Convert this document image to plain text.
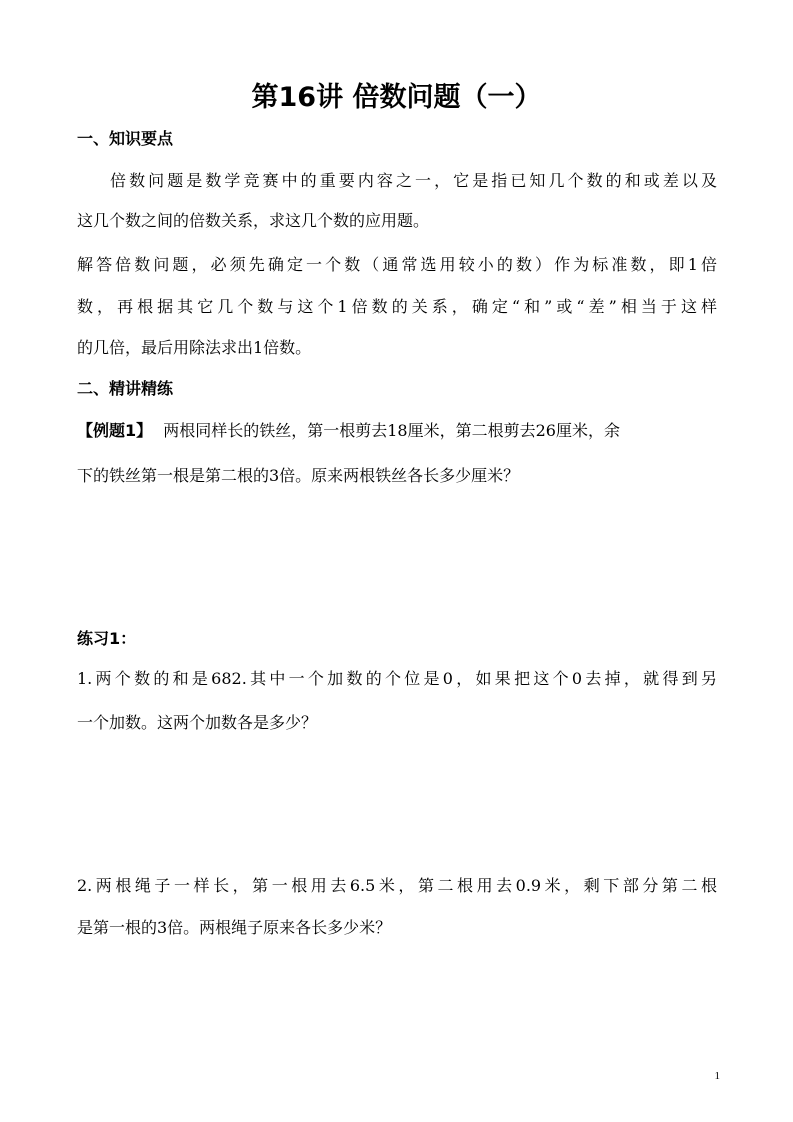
第16讲 倍数问题（一）
一、知识要点
倍数问题是数学竞赛中的重要内容之一，它是指已知几个数的和或差以及
这几个数之间的倍数关系，求这几个数的应用题。
解答倍数问题，必须先确定一个数（通常选用较小的数）作为标准数，即1倍
数，再根据其它几个数与这个1倍数的关系，确定“和”或“差”相当于这样
的几倍，最后用除法求出1倍数。
二、精讲精练
【例题1】 两根同样长的铁丝，第一根剪去18厘米，第二根剪去26厘米，余
下的铁丝第一根是第二根的3倍。原来两根铁丝各长多少厘米？
练习1：
1.两个数的和是682.其中一个加数的个位是0，如果把这个0去掉，就得到另
一个加数。这两个加数各是多少？
2.两根绳子一样长，第一根用去6.5米，第二根用去0.9米，剩下部分第二根
是第一根的3倍。两根绳子原来各长多少米？
1
